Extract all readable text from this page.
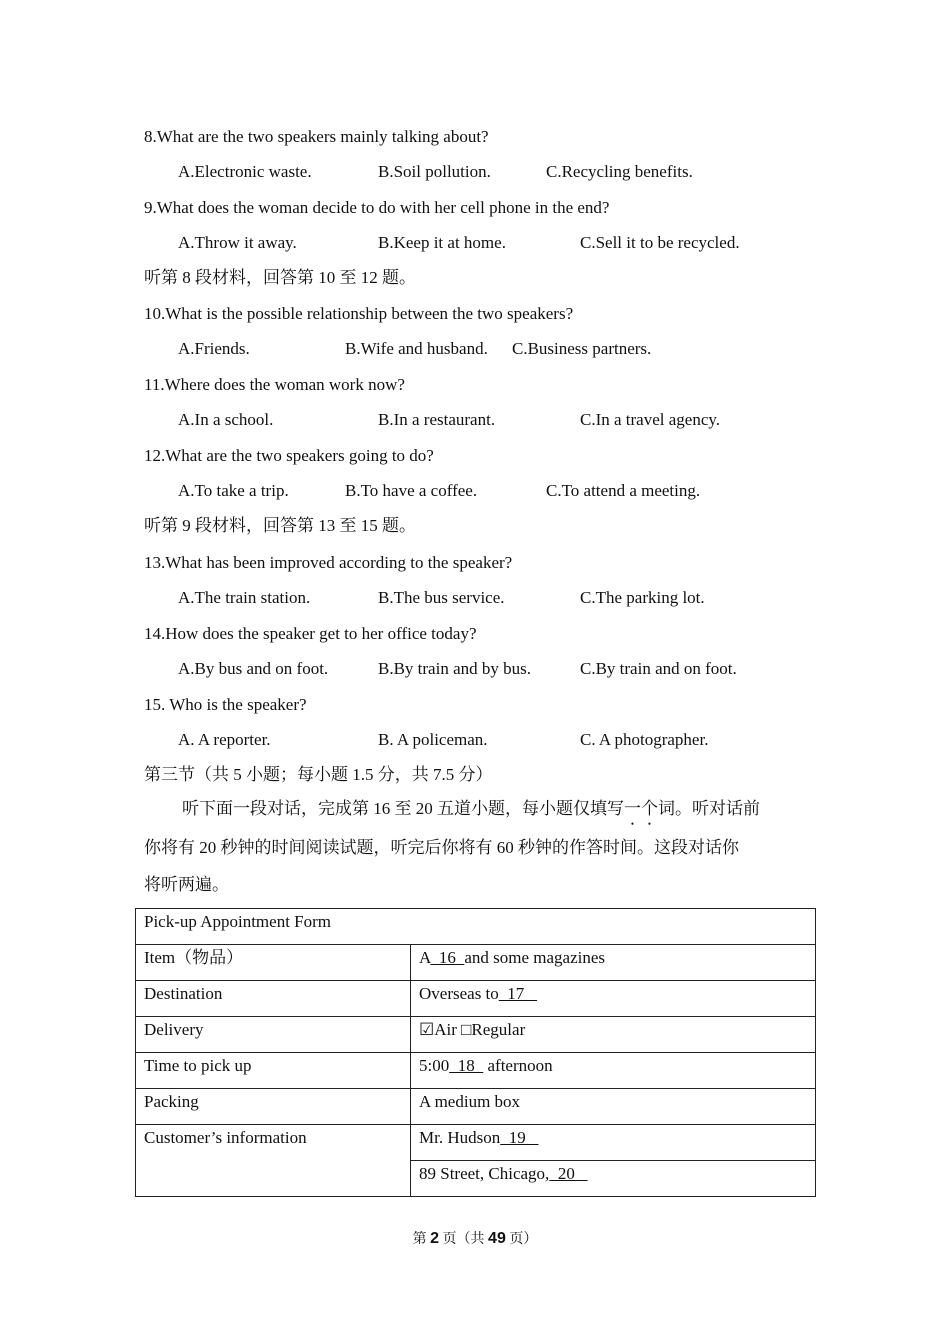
8.What are the two speakers mainly talking about?
A.Electronic waste.	B.Soil pollution.	C.Recycling benefits.
9.What does the woman decide to do with her cell phone in the end?
A.Throw it away.	B.Keep it at home.	C.Sell it to be recycled.
听第 8 段材料，回答第 10 至 12 题。
10.What is the possible relationship between the two speakers?
A.Friends.	B.Wife and husband. C.Business partners.
11.Where does the woman work now?
A.In a school.	B.In a restaurant.	C.In a travel agency.
12.What are the two speakers going to do?
A.To take a trip.	B.To have a coffee.	C.To attend a meeting.
听第 9 段材料，回答第 13 至 15 题。
13.What has been improved according to the speaker?
A.The train station.	B.The bus service.	C.The parking lot.
14.How does the speaker get to her office today?
A.By bus and on foot.	B.By train and by bus.	C.By train and on foot.
15. Who is the speaker?
A. A reporter.	B. A policeman.	C. A photographer.
第三节（共 5 小题；每小题 1.5 分，共 7.5 分）
听下面一段对话，完成第 16 至 20 五道小题，每小题仅填写一个词。听对话前
你将有 20 秒钟的时间阅读试题，听完后你将有 60 秒钟的作答时间。这段对话你
将听两遍。
Pick-up Appointment Form	
Item（物品）	A  16  and some magazines
Destination	Overseas to  17
Delivery	☑Air □Regular
Time to pick up	5:00  18   afternoon
Packing	A medium box
Customer’s information	Mr. Hudson  19
	89 Street, Chicago,  20
第 2 页（共 49 页）
